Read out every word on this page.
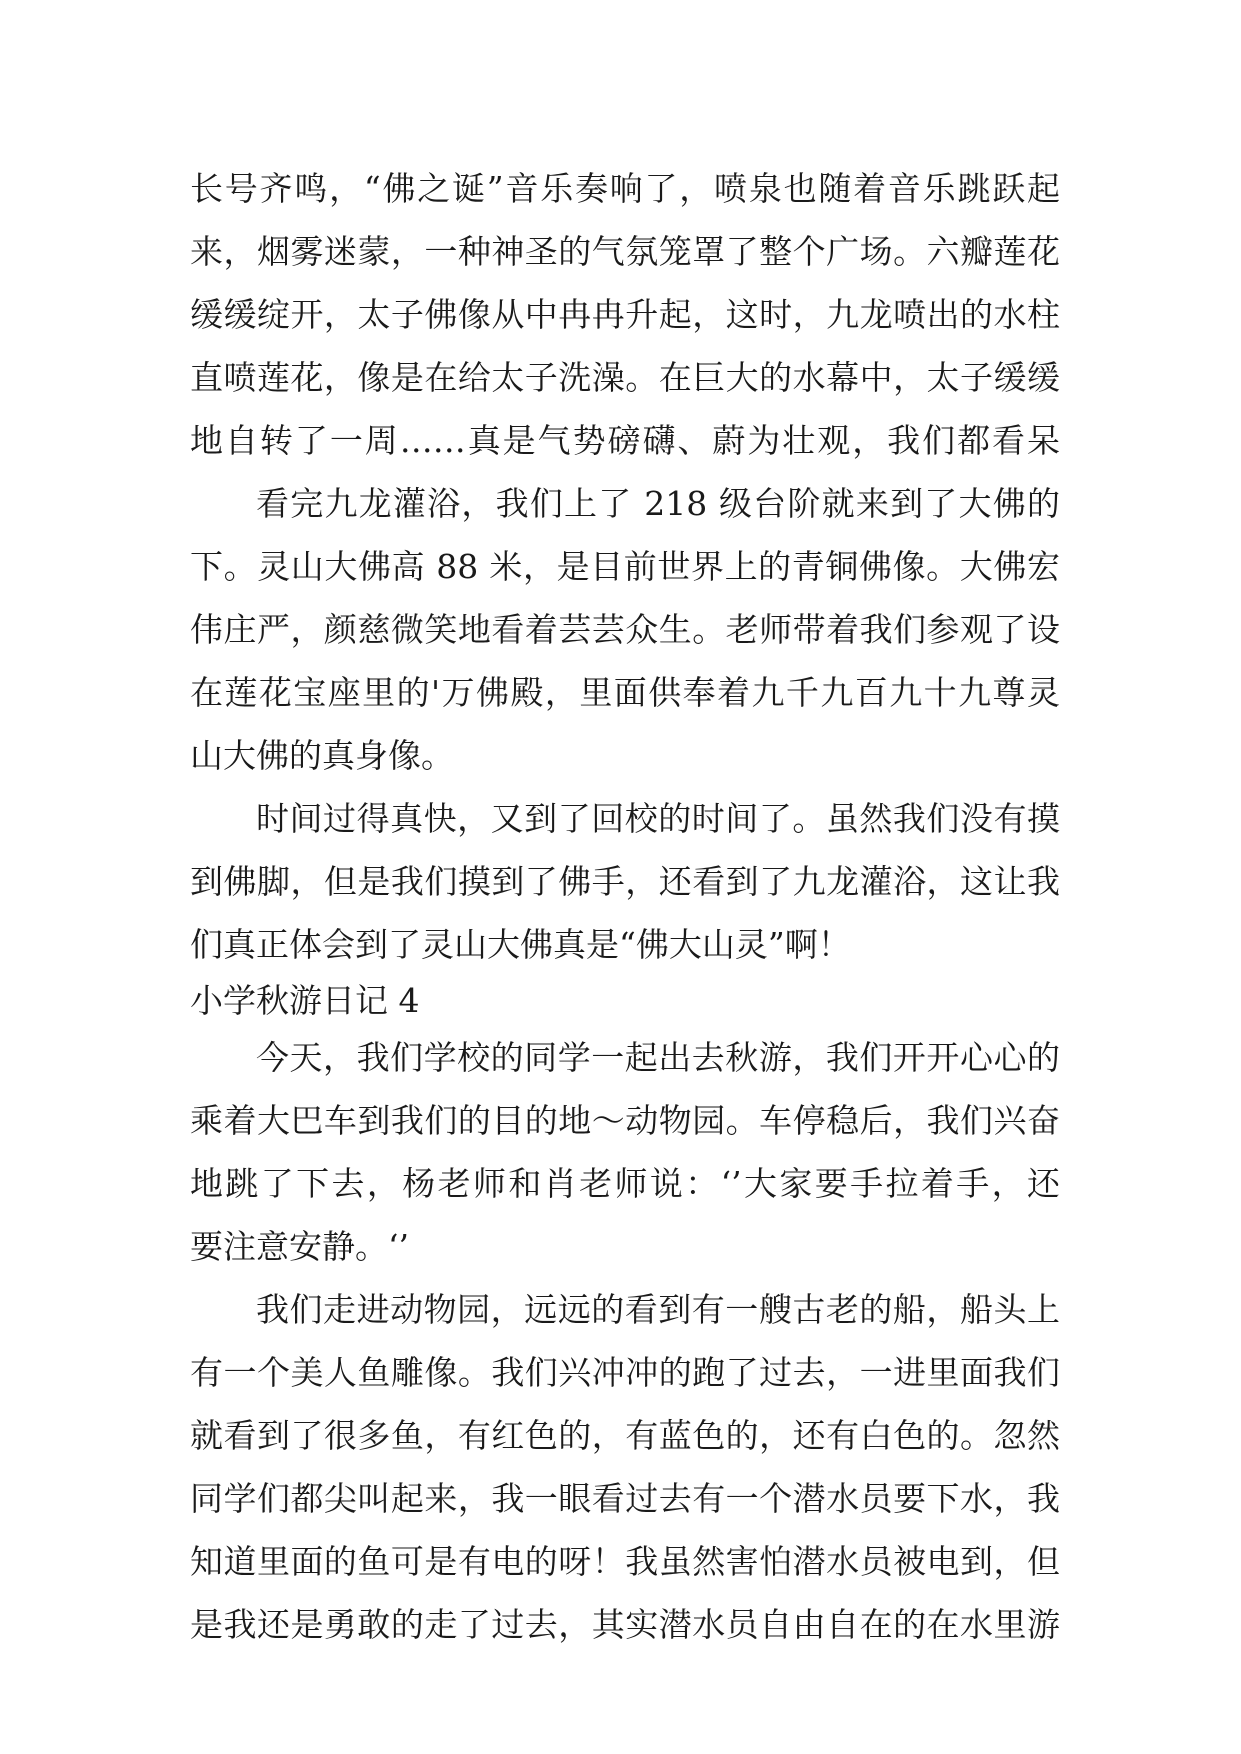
长号齐鸣，“佛之诞”音乐奏响了，喷泉也随着音乐跳跃起
来，烟雾迷蒙，一种神圣的气氛笼罩了整个广场。六瓣莲花
缓缓绽开，太子佛像从中冉冉升起，这时，九龙喷出的水柱
直喷莲花，像是在给太子洗澡。在巨大的水幕中，太子缓缓
地自转了一周……真是气势磅礴、蔚为壮观，我们都看呆
看完九龙灌浴，我们上了 218 级台阶就来到了大佛的
下。灵山大佛高 88 米，是目前世界上的青铜佛像。大佛宏
伟庄严，颜慈微笑地看着芸芸众生。老师带着我们参观了设
在莲花宝座里的'万佛殿，里面供奉着九千九百九十九尊灵
山大佛的真身像。
时间过得真快，又到了回校的时间了。虽然我们没有摸
到佛脚，但是我们摸到了佛手，还看到了九龙灌浴，这让我
们真正体会到了灵山大佛真是“佛大山灵”啊！
小学秋游日记 4
今天，我们学校的同学一起出去秋游，我们开开心心的
乘着大巴车到我们的目的地～动物园。车停稳后，我们兴奋
地跳了下去，杨老师和肖老师说：‘’大家要手拉着手，还
要注意安静。‘’
我们走进动物园，远远的看到有一艘古老的船，船头上
有一个美人鱼雕像。我们兴冲冲的跑了过去，一进里面我们
就看到了很多鱼，有红色的，有蓝色的，还有白色的。忽然
同学们都尖叫起来，我一眼看过去有一个潜水员要下水，我
知道里面的鱼可是有电的呀！我虽然害怕潜水员被电到，但
是我还是勇敢的走了过去，其实潜水员自由自在的在水里游
